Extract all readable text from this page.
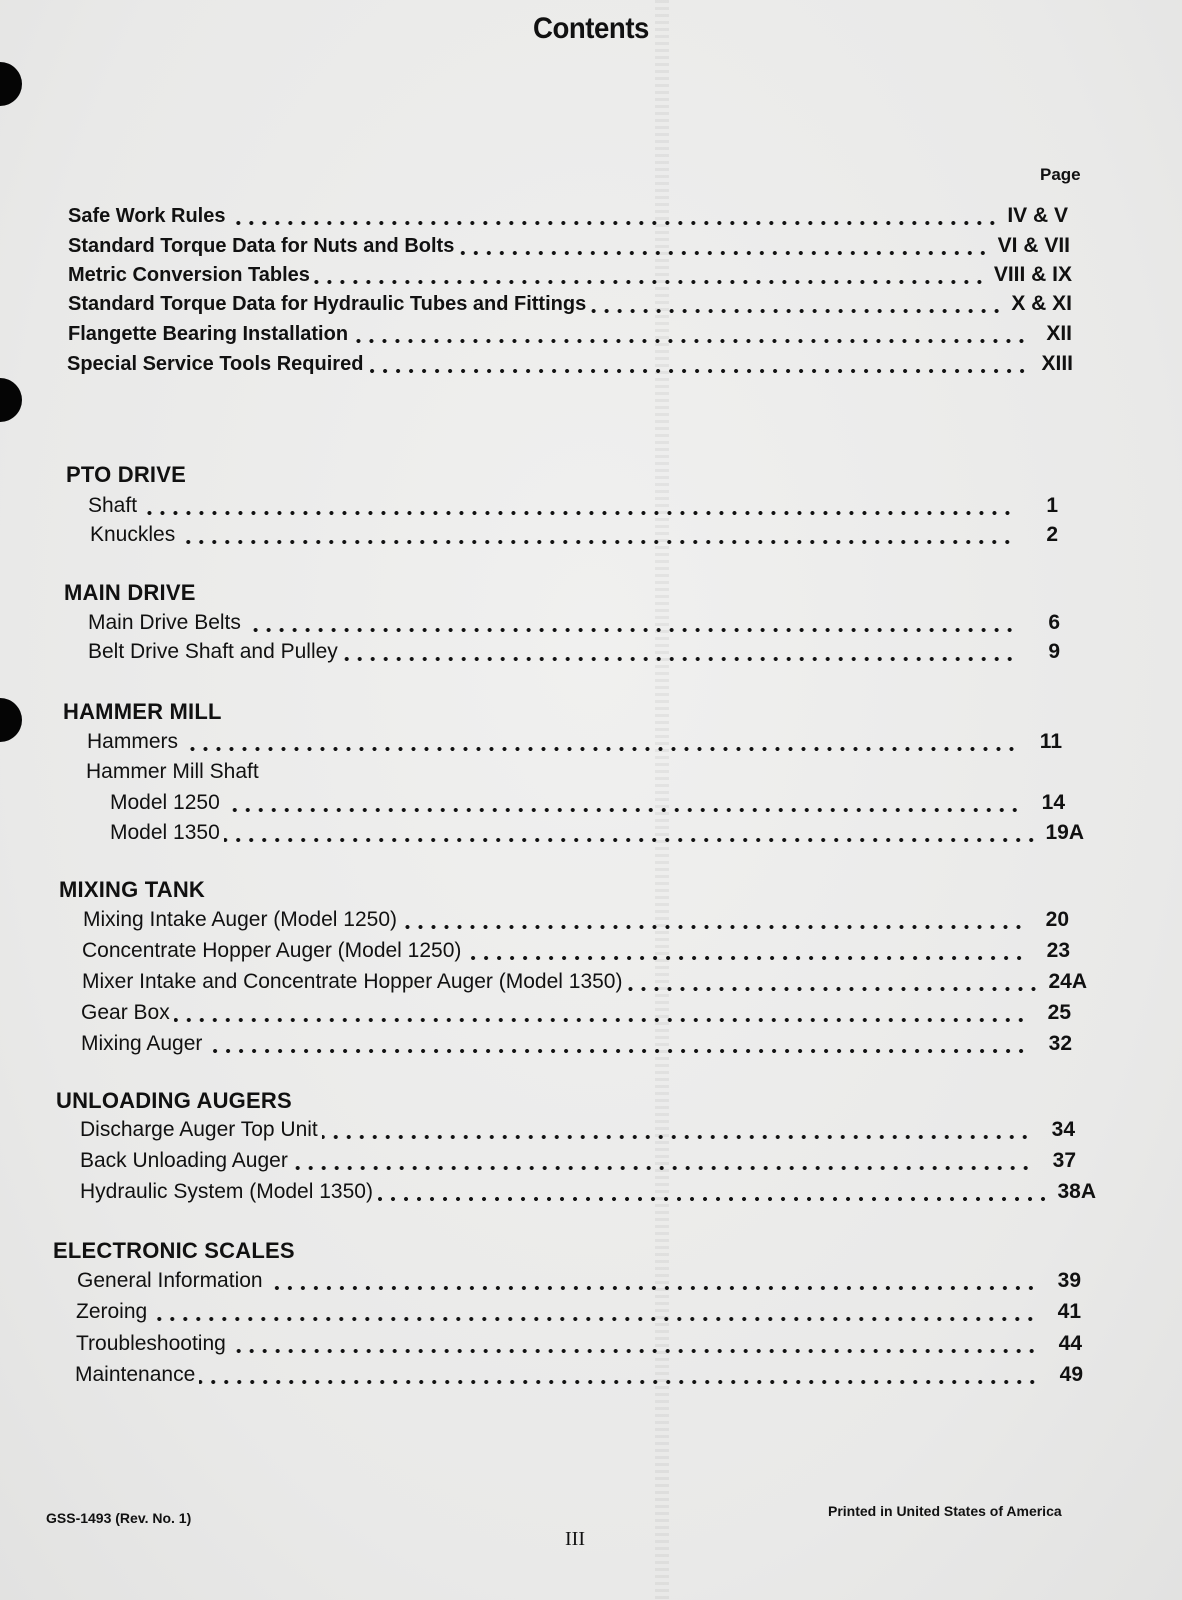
Contents
Page
Safe Work Rules	IV & V
Standard Torque Data for Nuts and Bolts	VI & VII
Metric Conversion Tables	VIII & IX
Standard Torque Data for Hydraulic Tubes and Fittings	X & XI
Flangette Bearing Installation	XII
Special Service Tools Required	XIII
PTO DRIVE
Shaft	1
Knuckles	2
MAIN DRIVE
Main Drive Belts	6
Belt Drive Shaft and Pulley	9
HAMMER MILL
Hammers	11
Hammer Mill Shaft
Model 1250	14
Model 1350	19A
MIXING TANK
Mixing Intake Auger (Model 1250)	20
Concentrate Hopper Auger (Model 1250)	23
Mixer Intake and Concentrate Hopper Auger (Model 1350)	24A
Gear Box	25
Mixing Auger	32
UNLOADING AUGERS
Discharge Auger Top Unit	34
Back Unloading Auger	37
Hydraulic System (Model 1350)	38A
ELECTRONIC SCALES
General Information	39
Zeroing	41
Troubleshooting	44
Maintenance	49
GSS-1493 (Rev. No. 1)
III
Printed in United States of America
